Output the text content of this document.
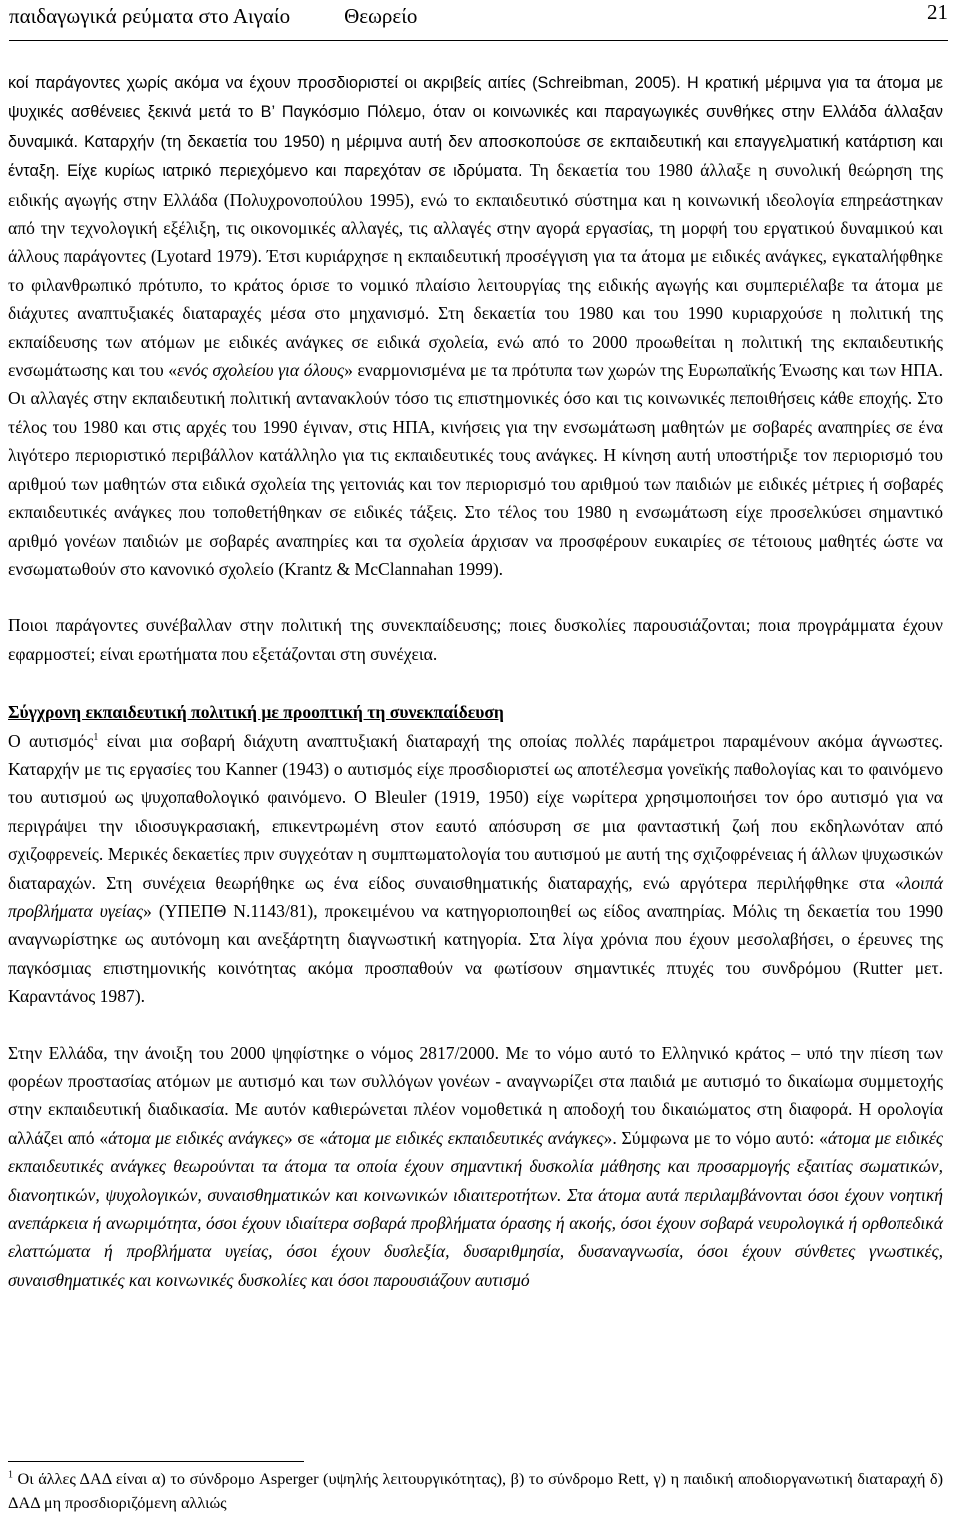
παιδαγωγικά ρεύματα στο Αιγαίο	Θεωρείο	21

κοί παράγοντες χωρίς ακόμα να έχουν προσδιοριστεί οι ακριβείς αιτίες (Schreibman, 2005). Η κρατική μέριμνα για τα άτομα με ψυχικές ασθένειες ξεκινά μετά το Β’ Παγκόσμιο Πόλεμο, όταν οι κοινωνικές και παραγωγικές συνθήκες στην Ελλάδα άλλαξαν δυναμικά. Καταρχήν (τη δεκαετία του 1950) η μέριμνα αυτή δεν αποσκοπούσε σε εκπαιδευτική και επαγγελματική κατάρτιση και ένταξη. Είχε κυρίως ιατρικό περιεχόμενο και παρεχόταν σε ιδρύματα. Τη δεκαετία του 1980 άλλαξε η συνολική θεώρηση της ειδικής αγωγής στην Ελλάδα (Πολυχρονοπούλου 1995), ενώ το εκπαιδευτικό σύστημα και η κοινωνική ιδεολογία επηρεάστηκαν από την τεχνολογική εξέλιξη, τις οικονομικές αλλαγές, τις αλλαγές στην αγορά εργασίας, τη μορφή του εργατικού δυναμικού και άλλους παράγοντες (Lyotard 1979). Έτσι κυριάρχησε η εκπαιδευτική προσέγγιση για τα άτομα με ειδικές ανάγκες, εγκαταλήφθηκε το φιλανθρωπικό πρότυπο, το κράτος όρισε το νομικό πλαίσιο λειτουργίας της ειδικής αγωγής και συμπεριέλαβε τα άτομα με διάχυτες αναπτυξιακές διαταραχές μέσα στο μηχανισμό. Στη δεκαετία του 1980 και του 1990 κυριαρχούσε η πολιτική της εκπαίδευσης των ατόμων με ειδικές ανάγκες σε ειδικά σχολεία, ενώ από το 2000 προωθείται η πολιτική της εκπαιδευτικής ενσωμάτωσης και του «ενός σχολείου για όλους» εναρμονισμένα με τα πρότυπα των χωρών της Ευρωπαϊκής Ένωσης και των ΗΠΑ. Οι αλλαγές στην εκπαιδευτική πολιτική αντανακλούν τόσο τις επιστημονικές όσο και τις κοινωνικές πεποιθήσεις κάθε εποχής. Στο τέλος του 1980 και στις αρχές του 1990 έγιναν, στις ΗΠΑ, κινήσεις για την ενσωμάτωση μαθητών με σοβαρές αναπηρίες σε ένα λιγότερο περιοριστικό περιβάλλον κατάλληλο για τις εκπαιδευτικές τους ανάγκες. Η κίνηση αυτή υποστήριξε τον περιορισμό του αριθμού των μαθητών στα ειδικά σχολεία της γειτονιάς και τον περιορισμό του αριθμού των παιδιών με ειδικές μέτριες ή σοβαρές εκπαιδευτικές ανάγκες που τοποθετήθηκαν σε ειδικές τάξεις. Στο τέλος του 1980 η ενσωμάτωση είχε προσελκύσει σημαντικό αριθμό γονέων παιδιών με σοβαρές αναπηρίες και τα σχολεία άρχισαν να προσφέρουν ευκαιρίες σε τέτοιους μαθητές ώστε να ενσωματωθούν στο κανονικό σχολείο (Krantz & McClannahan 1999).

Ποιοι παράγοντες συνέβαλλαν στην πολιτική της συνεκπαίδευσης; ποιες δυσκολίες παρουσιάζονται; ποια προγράμματα έχουν εφαρμοστεί; είναι ερωτήματα που εξετάζονται στη συνέχεια.

Σύγχρονη εκπαιδευτική πολιτική με προοπτική τη συνεκπαίδευση

Ο αυτισμός$^1$ είναι μια σοβαρή διάχυτη αναπτυξιακή διαταραχή της οποίας πολλές παράμετροι παραμένουν ακόμα άγνωστες. Καταρχήν με τις εργασίες του Kanner (1943) ο αυτισμός είχε προσδιοριστεί ως αποτέλεσμα γονεϊκής παθολογίας και το φαινόμενο του αυτισμού ως ψυχοπαθολογικό φαινόμενο. Ο Bleuler (1919, 1950) είχε νωρίτερα χρησιμοποιήσει τον όρο αυτισμό για να περιγράψει την ιδιοσυγκρασιακή, επικεντρωμένη στον εαυτό απόσυρση σε μια φανταστική ζωή που εκδηλωνόταν από σχιζοφρενείς. Μερικές δεκαετίες πριν συγχεόταν η συμπτωματολογία του αυτισμού με αυτή της σχιζοφρένειας ή άλλων ψυχωσικών διαταραχών. Στη συνέχεια θεωρήθηκε ως ένα είδος συναισθηματικής διαταραχής, ενώ αργότερα περιλήφθηκε στα «λοιπά προβλήματα υγείας» (ΥΠΕΠΘ Ν.1143/81), προκειμένου να κατηγοριοποιηθεί ως είδος αναπηρίας. Μόλις τη δεκαετία του 1990 αναγνωρίστηκε ως αυτόνομη και ανεξάρτητη διαγνωστική κατηγορία. Στα λίγα χρόνια που έχουν μεσολαβήσει, ο έρευνες της παγκόσμιας επιστημονικής κοινότητας ακόμα προσπαθούν να φωτίσουν σημαντικές πτυχές του συνδρόμου (Rutter μετ. Καραντάνος 1987).

Στην Ελλάδα, την άνοιξη του 2000 ψηφίστηκε ο νόμος 2817/2000. Με το νόμο αυτό το Ελληνικό κράτος – υπό την πίεση των φορέων προστασίας ατόμων με αυτισμό και των συλλόγων γονέων - αναγνωρίζει στα παιδιά με αυτισμό το δικαίωμα συμμετοχής στην εκπαιδευτική διαδικασία. Με αυτόν καθιερώνεται πλέον νομοθετικά η αποδοχή του δικαιώματος στη διαφορά. Η ορολογία αλλάζει από «άτομα με ειδικές ανάγκες» σε «άτομα με ειδικές εκπαιδευτικές ανάγκες». Σύμφωνα με το νόμο αυτό: «άτομα με ειδικές εκπαιδευτικές ανάγκες θεωρούνται τα άτομα τα οποία έχουν σημαντική δυσκολία μάθησης και προσαρμογής εξαιτίας σωματικών, διανοητικών, ψυχολογικών, συναισθηματικών και κοινωνικών ιδιαιτεροτήτων. Στα άτομα αυτά περιλαμβάνονται όσοι έχουν νοητική ανεπάρκεια ή ανωριμότητα, όσοι έχουν ιδιαίτερα σοβαρά προβλήματα όρασης ή ακοής, όσοι έχουν σοβαρά νευρολογικά ή ορθοπεδικά ελαττώματα ή προβλήματα υγείας, όσοι έχουν δυσλεξία, δυσαριθμησία, δυσαναγνωσία, όσοι έχουν σύνθετες γνωστικές, συναισθηματικές και κοινωνικές δυσκολίες και όσοι παρουσιάζουν αυτισμό

$^1$ Οι άλλες ΔΑΔ είναι α) το σύνδρομο Asperger (υψηλής λειτουργικότητας), β) το σύνδρομο Rett, γ) η παιδική αποδιοργανωτική διαταραχή δ) ΔΑΔ μη προσδιοριζόμενη αλλιώς
